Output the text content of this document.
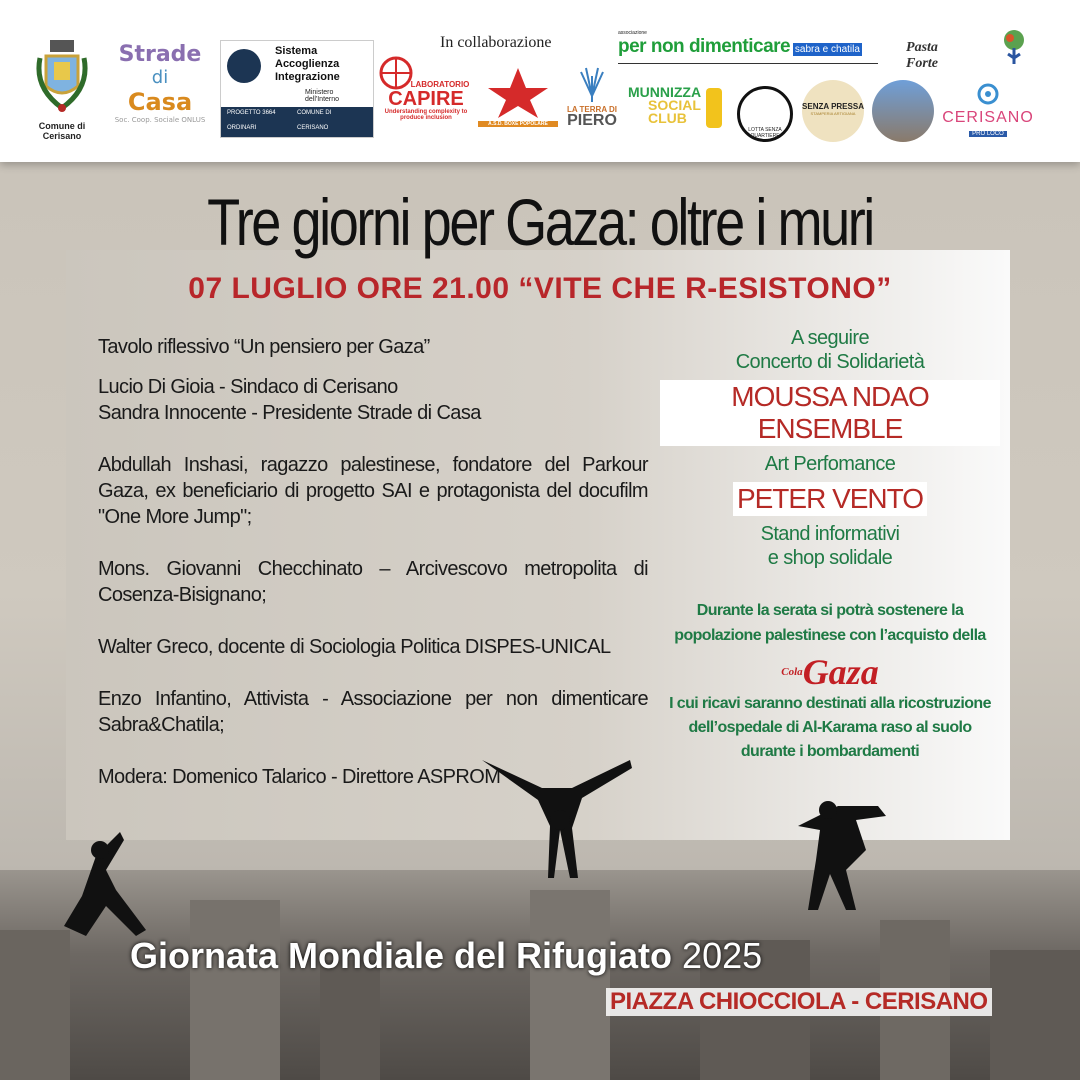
Comune di Cerisano
Strade
di
Casa
Soc. Coop. Sociale ONLUS
Sistema
Accoglienza
Integrazione
Ministero dell'Interno
PROGETTO 3664	COMUNE DI
ORDINARI	CERISANO
In collaborazione
LABORATORIO
CAPIRE
Understanding complexity to produce inclusion
A.S.D. BOXE POPOLARE
LA TERRA DI
PIERO
associazione
per non dimenticare sabra e chatila	Pasta Forte
MUNNIZZA
SOCIAL
CLUB
LOTTA SENZA QUARTIERE
SENZA PRESSA
STAMPERIA ARTIGIANA	CERISANO
PRO LOCO
Tre giorni per Gaza: oltre i muri
07 LUGLIO ORE 21.00 “VITE CHE R-ESISTONO”

Tavolo riflessivo “Un pensiero per Gaza”

Lucio Di Gioia - Sindaco di Cerisano

Sandra Innocente - Presidente Strade di Casa

Abdullah Inshasi, ragazzo palestinese, fondatore del Parkour Gaza, ex beneficiario di progetto SAI e protagonista del docufilm "One More Jump";

Mons. Giovanni Checchinato – Arcivescovo metropolita di Cosenza-Bisignano;

Walter Greco, docente di Sociologia Politica DISPES-UNICAL

Enzo Infantino, Attivista - Associazione per non dimenticare Sabra&Chatila;

Modera: Domenico Talarico - Direttore ASPROM

A seguire
Concerto di Solidarietà
MOUSSA NDAO ENSEMBLE
Art Perfomance
PETER VENTO
Stand informativi
e shop solidale
Durante la serata si potrà sostenere la popolazione palestinese con l’acquisto della
$^{Cola}$Gaza
I cui ricavi saranno destinati alla ricostruzione dell’ospedale di Al-Karama raso al suolo durante i bombardamenti
Giornata Mondiale del Rifugiato 2025
PIAZZA CHIOCCIOLA - CERISANO
